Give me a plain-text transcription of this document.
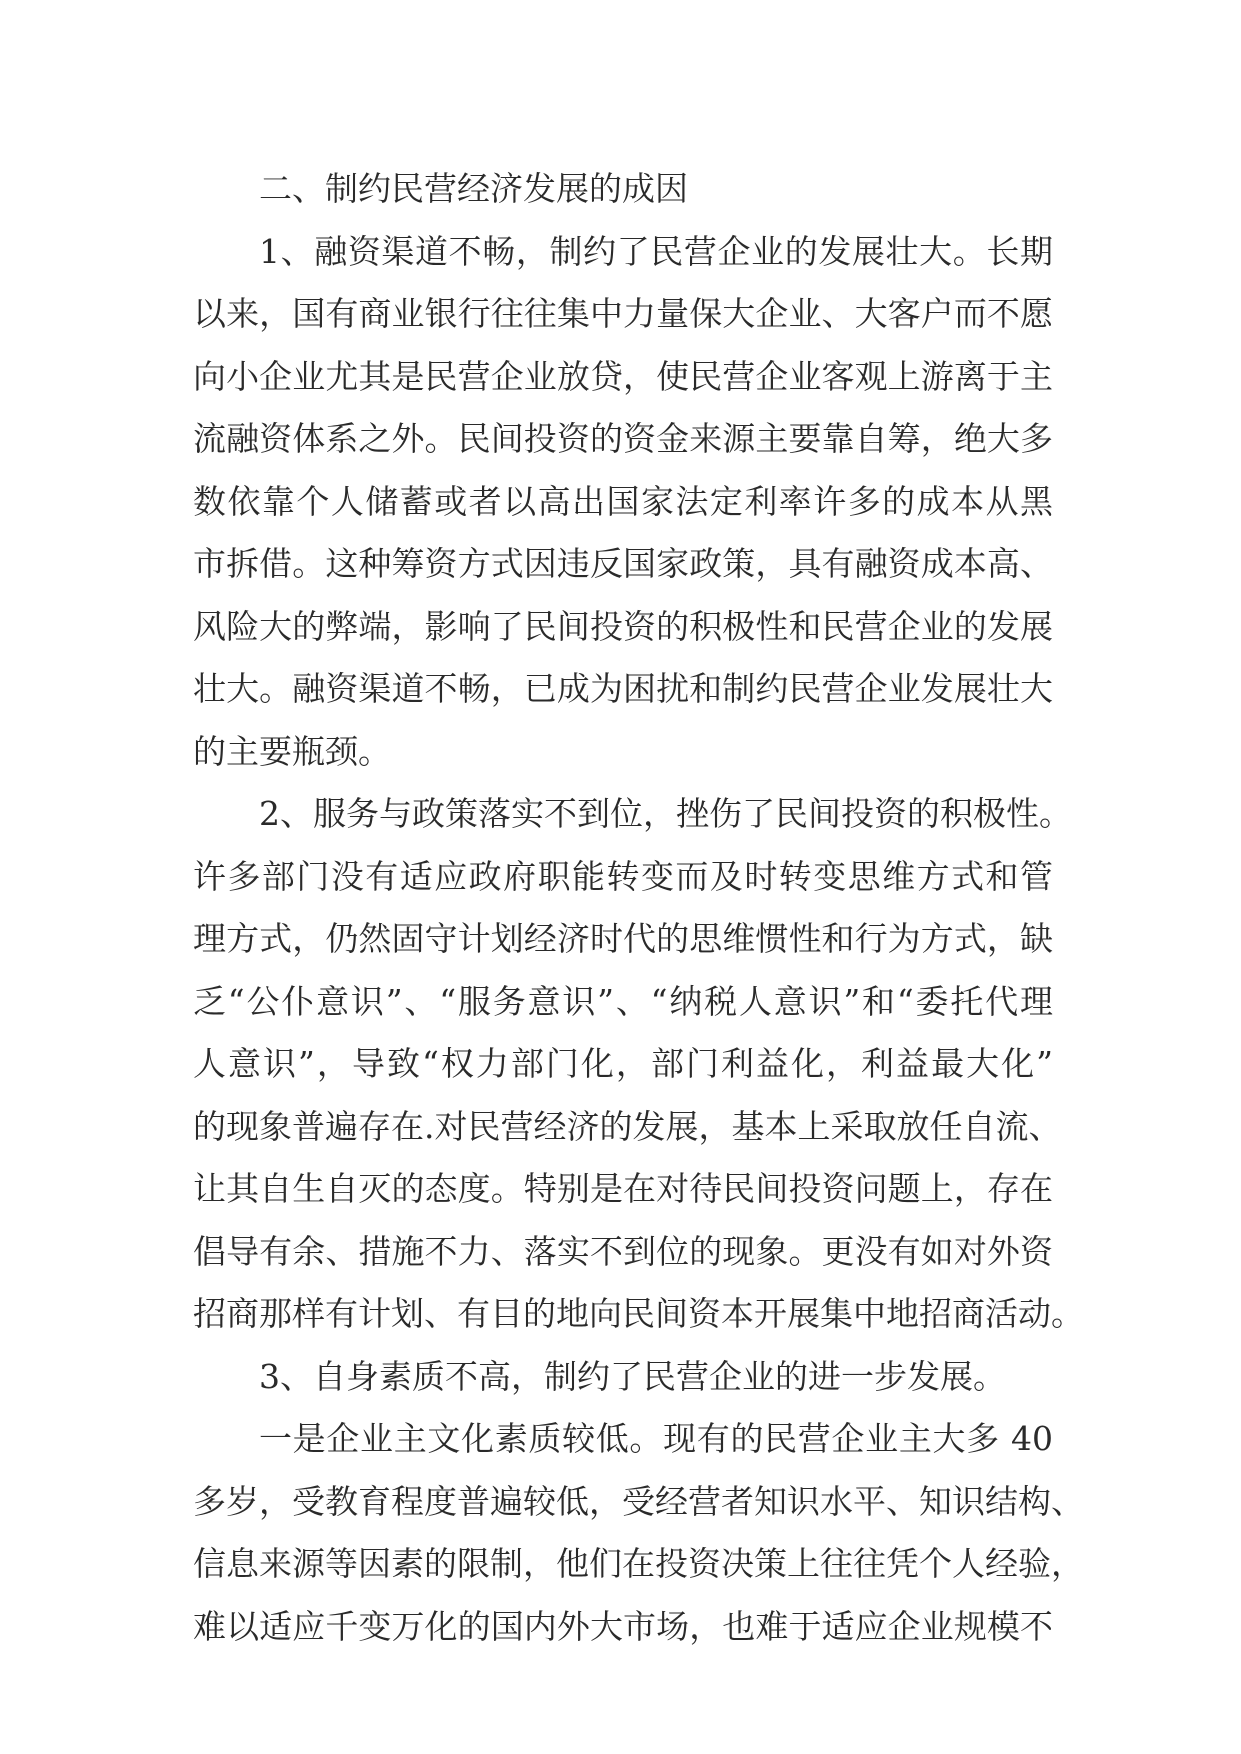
二、制约民营经济发展的成因
1、融资渠道不畅，制约了民营企业的发展壮大。长期
以来，国有商业银行往往集中力量保大企业、大客户而不愿
向小企业尤其是民营企业放贷，使民营企业客观上游离于主
流融资体系之外。民间投资的资金来源主要靠自筹，绝大多
数依靠个人储蓄或者以高出国家法定利率许多的成本从黑
市拆借。这种筹资方式因违反国家政策，具有融资成本高、
风险大的弊端，影响了民间投资的积极性和民营企业的发展
壮大。融资渠道不畅，已成为困扰和制约民营企业发展壮大
的主要瓶颈。
2、服务与政策落实不到位，挫伤了民间投资的积极性。
许多部门没有适应政府职能转变而及时转变思维方式和管
理方式，仍然固守计划经济时代的思维惯性和行为方式，缺
乏“公仆意识”、“服务意识”、“纳税人意识”和“委托代理
人意识”，导致“权力部门化，部门利益化，利益最大化”
的现象普遍存在.对民营经济的发展，基本上采取放任自流、
让其自生自灭的态度。特别是在对待民间投资问题上，存在
倡导有余、措施不力、落实不到位的现象。更没有如对外资
招商那样有计划、有目的地向民间资本开展集中地招商活动。
3、自身素质不高，制约了民营企业的进一步发展。
一是企业主文化素质较低。现有的民营企业主大多 40
多岁，受教育程度普遍较低，受经营者知识水平、知识结构、
信息来源等因素的限制，他们在投资决策上往往凭个人经验，
难以适应千变万化的国内外大市场，也难于适应企业规模不
